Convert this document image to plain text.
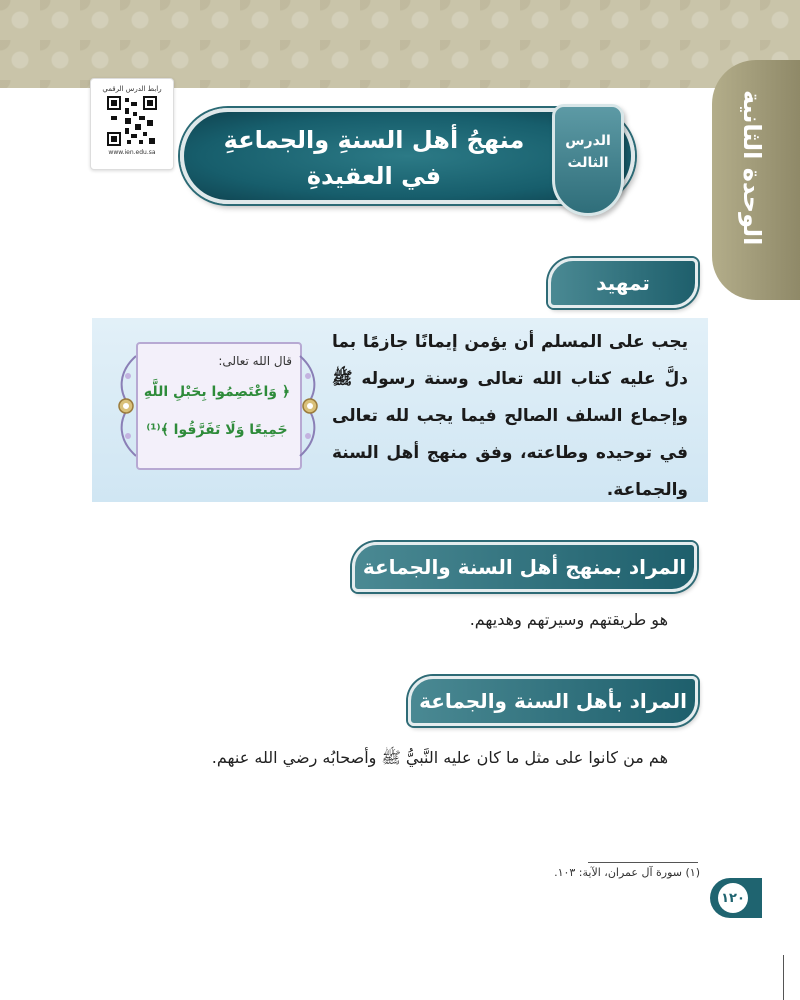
الوحدة الثانية
رابط الدرس الرقمي
www.ien.edu.sa	منهجُ أهل السنةِ والجماعةِ
في العقيدةِ
الدرس
الثالث
تمهيد
يجب على المسلم أن يؤمن إيمانًا جازمًا بما دلَّ عليه كتاب الله تعالى وسنة رسوله ﷺ وإجماع السلف الصالح فيما يجب لله تعالى في توحيده وطاعته، وفق منهج أهل السنة والجماعة.
قال الله تعالى:
﴿ وَاعْتَصِمُوا بِحَبْلِ اللَّهِ
جَمِيعًا وَلَا تَفَرَّقُوا ﴾⁽¹⁾
المراد بمنهج أهل السنة والجماعة
هو طريقتهم وسيرتهم وهديهم.
المراد بأهل السنة والجماعة
هم من كانوا على مثل ما كان عليه النَّبيُّ ﷺ وأصحابُه رضي الله عنهم.
(١) سورة آل عمران، الآية: ١٠٣.
١٢٠
